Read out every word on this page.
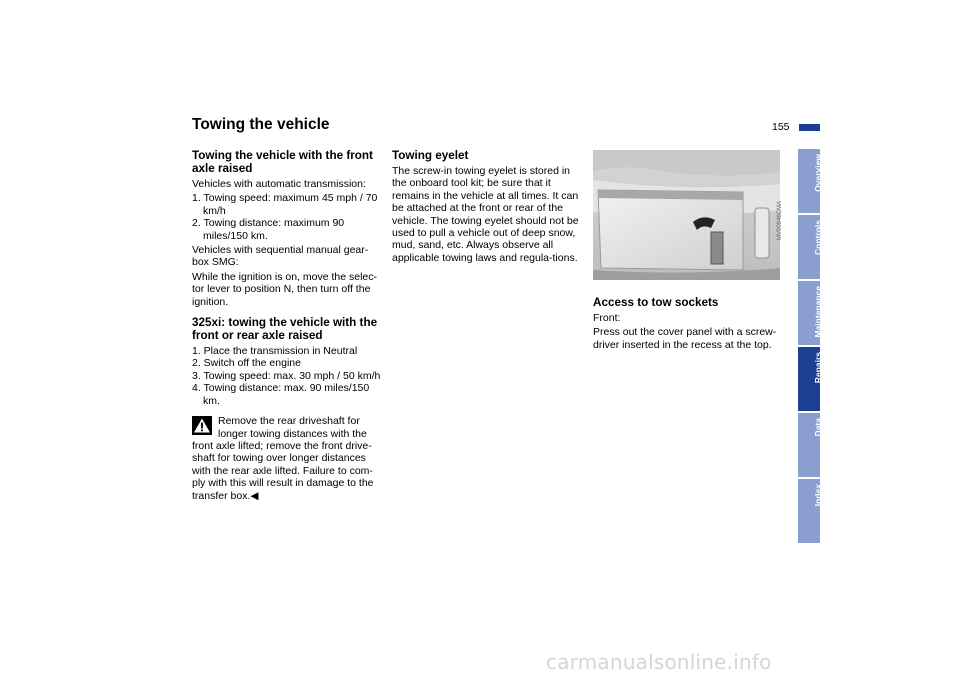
Towing the vehicle	155
Towing the vehicle with the front axle raised

Vehicles with automatic transmission:

1. Towing speed: maximum 45 mph / 70 km/h
2. Towing distance: maximum 90 miles/150 km.

Vehicles with sequential manual gear-box SMG:

While the ignition is on, move the selec-tor lever to position N, then turn off the ignition.

325xi: towing the vehicle with the front or rear axle raised
1. Place the transmission in Neutral
2. Switch off the engine
3. Towing speed: max. 30 mph / 50 km/h
4. Towing distance: max. 90 miles/150 km.
Remove the rear driveshaft for longer towing distances with the front axle lifted; remove the front drive-shaft for towing over longer distances with the rear axle lifted. Failure to com-ply with this will result in damage to the transfer box.◀
Towing eyelet

The screw-in towing eyelet is stored in the onboard tool kit; be sure that it remains in the vehicle at all times. It can be attached at the front or rear of the vehicle. The towing eyelet should not be used to pull a vehicle out of deep snow, mud, sand, etc. Always observe all applicable towing laws and regula-tions.

MV00946CMA
Access to tow sockets

Front:

Press out the cover panel with a screw-driver inserted in the recess at the top.

Overview
Controls
Maintenance
Repairs
Data
Index
carmanualsonline.info
